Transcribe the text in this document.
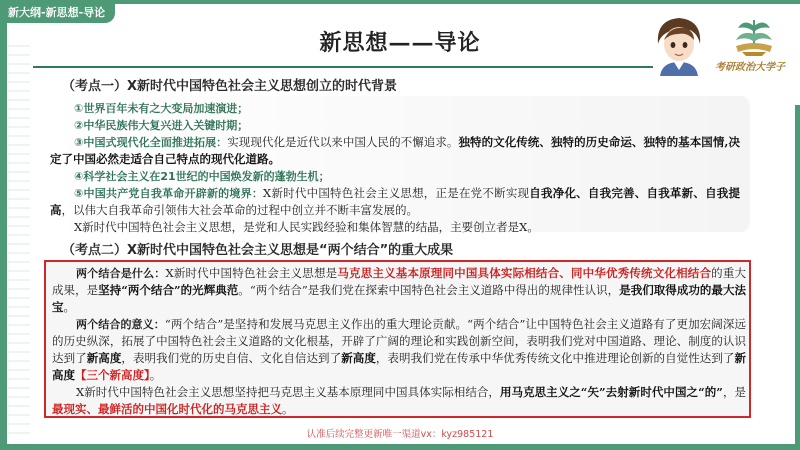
新大纲-新思想-导论
新思想——导论
考研政治大学子
（考点一）X新时代中国特色社会主义思想创立的时代背景
①世界百年未有之大变局加速演进；
②中华民族伟大复兴进入关键时期；
③中国式现代化全面推进拓展：实现现代化是近代以来中国人民的不懈追求。独特的文化传统、独特的历史命运、独特的基本国情,决定了中国必然走适合自己特点的现代化道路。
④科学社会主义在21世纪的中国焕发新的蓬勃生机；
⑤中国共产党自我革命开辟新的境界：X新时代中国特色社会主义思想，正是在党不断实现自我净化、自我完善、自我革新、自我提高，以伟大自我革命引领伟大社会革命的过程中创立并不断丰富发展的。
X新时代中国特色社会主义思想，是党和人民实践经验和集体智慧的结晶，主要创立者是X。
（考点二）X新时代中国特色社会主义思想是“两个结合”的重大成果
两个结合是什么：X新时代中国特色社会主义思想是马克思主义基本原理同中国具体实际相结合、同中华优秀传统文化相结合的重大成果，是坚持“两个结合”的光辉典范。“两个结合”是我们党在探索中国特色社会主义道路中得出的规律性认识，是我们取得成功的最大法宝。
两个结合的意义：“两个结合”是坚持和发展马克思主义作出的重大理论贡献。“两个结合”让中国特色社会主义道路有了更加宏阔深远的历史纵深，拓展了中国特色社会主义道路的文化根基，开辟了广阔的理论和实践创新空间，表明我们党对中国道路、理论、制度的认识达到了新高度，表明我们党的历史自信、文化自信达到了新高度，表明我们党在传承中华优秀传统文化中推进理论创新的自觉性达到了新高度【三个新高度】。
X新时代中国特色社会主义思想坚持把马克思主义基本原理同中国具体实际相结合，用马克思主义之“矢”去射新时代中国之“的”，是最现实、最鲜活的中国化时代化的马克思主义。
认准后续完整更新唯一渠道vx：kyz985121
